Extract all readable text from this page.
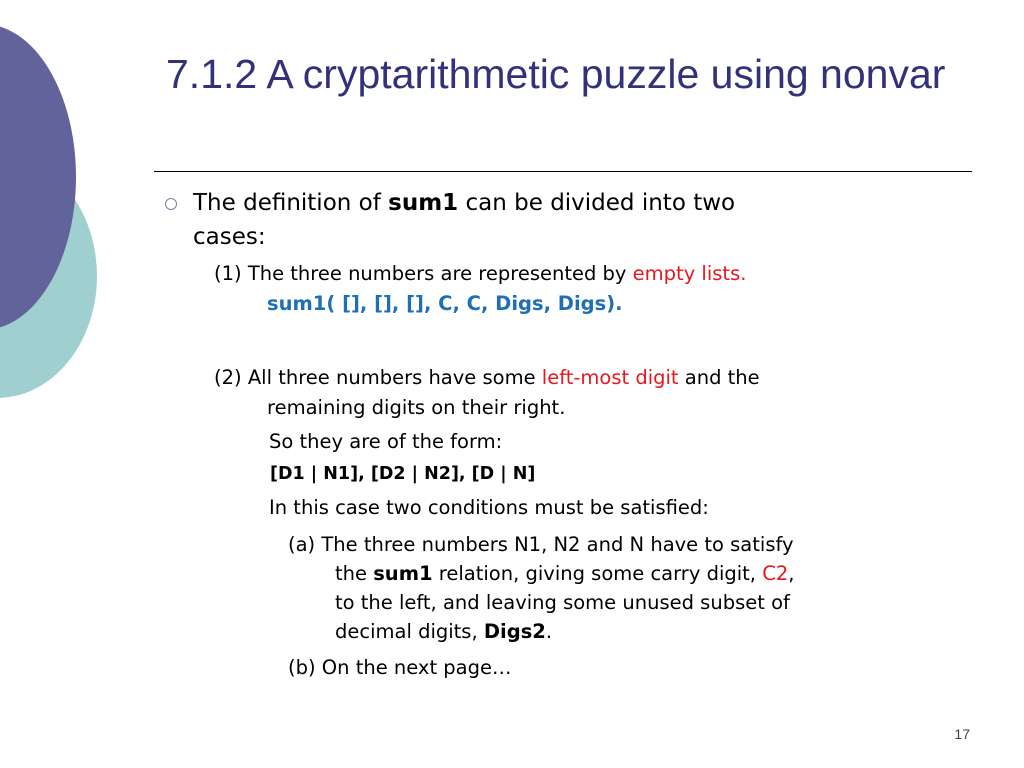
7.1.2 A cryptarithmetic puzzle using nonvar
The definition of sum1 can be divided into two
cases:
(1) The three numbers are represented by empty lists.
sum1( [], [], [], C, C, Digs, Digs).
(2) All three numbers have some left-most digit and the
remaining digits on their right.
So they are of the form:
[D1 | N1], [D2 | N2], [D | N]
In this case two conditions must be satisfied:
(a) The three numbers N1, N2 and N have to satisfy
the sum1 relation, giving some carry digit, C2,
to the left, and leaving some unused subset of
decimal digits, Digs2.
(b) On the next page…
17
